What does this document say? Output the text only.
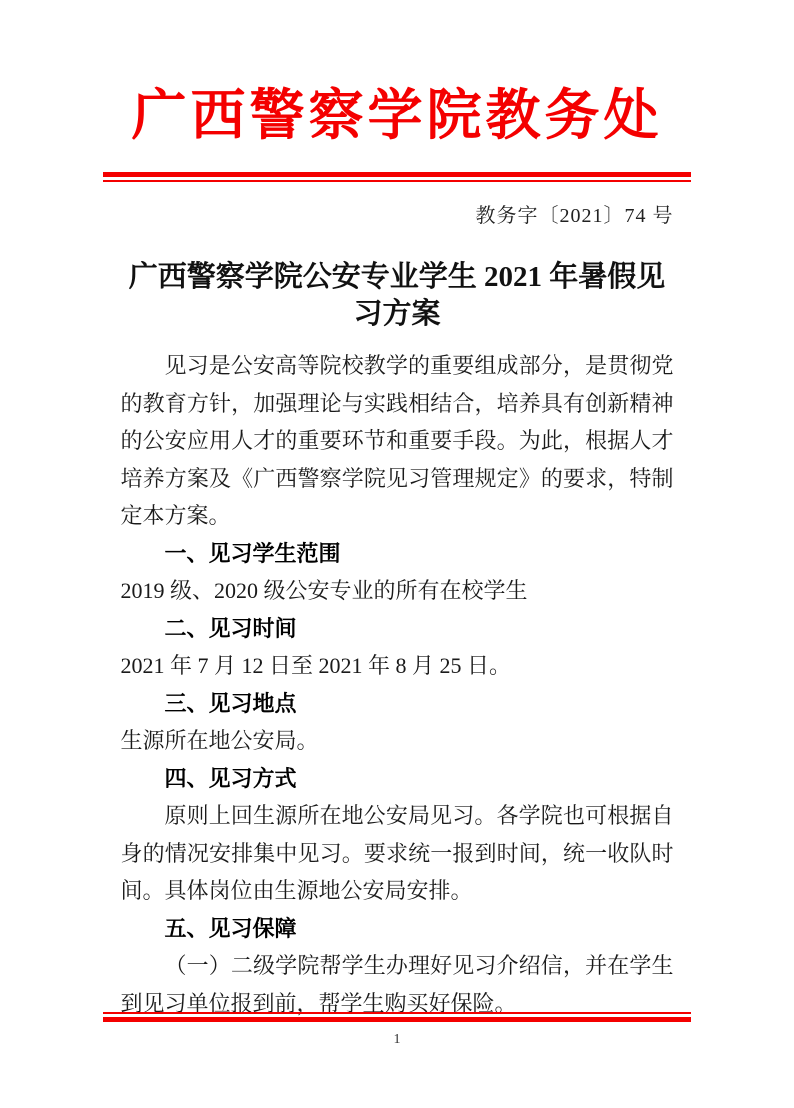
广西警察学院教务处
教务字〔2021〕74 号
广西警察学院公安专业学生 2021 年暑假见习方案

见习是公安高等院校教学的重要组成部分，是贯彻党的教育方针，加强理论与实践相结合，培养具有创新精神的公安应用人才的重要环节和重要手段。为此，根据人才培养方案及《广西警察学院见习管理规定》的要求，特制定本方案。

一、见习学生范围

2019 级、2020 级公安专业的所有在校学生

二、见习时间

2021 年 7 月 12 日至 2021 年 8 月 25 日。

三、见习地点

生源所在地公安局。

四、见习方式

原则上回生源所在地公安局见习。各学院也可根据自身的情况安排集中见习。要求统一报到时间，统一收队时间。具体岗位由生源地公安局安排。

五、见习保障

（一）二级学院帮学生办理好见习介绍信，并在学生到见习单位报到前，帮学生购买好保险。

1
